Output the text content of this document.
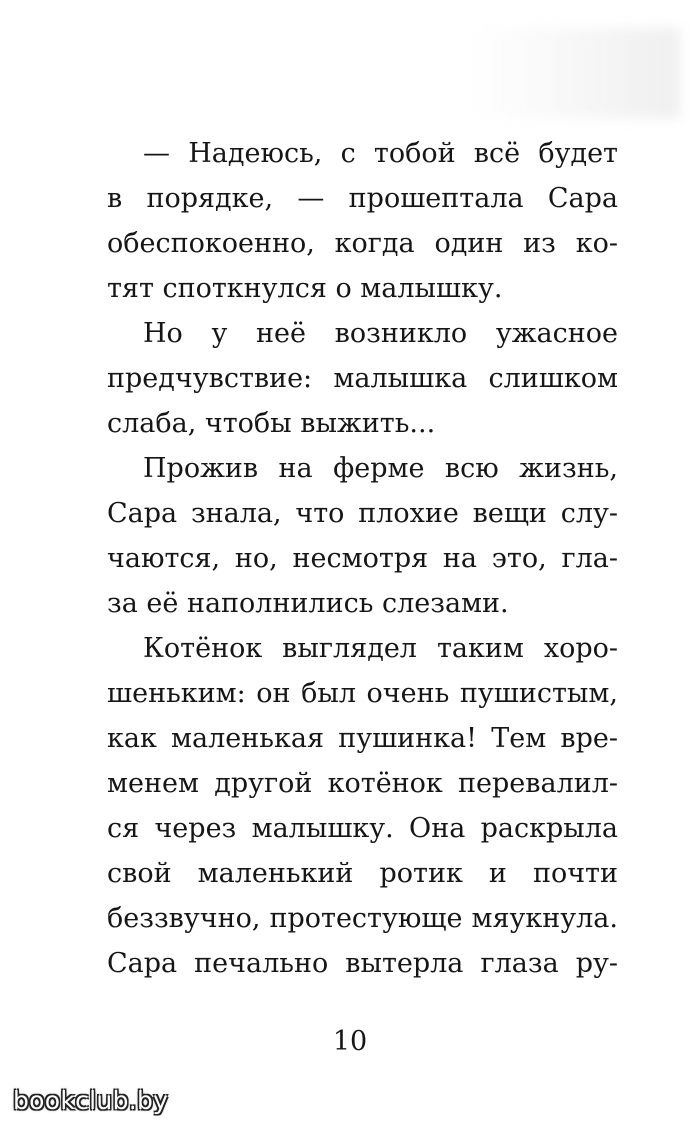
— Надеюсь, с тобой всё будет
в порядке, — прошептала Сара
обеспокоенно, когда один из ко-
тят споткнулся о малышку.
Но у неё возникло ужасное
предчувствие: малышка слишком
слаба, чтобы выжить...
Прожив на ферме всю жизнь,
Сара знала, что плохие вещи слу-
чаются, но, несмотря на это, гла-
за её наполнились слезами.
Котёнок выглядел таким хоро-
шеньким: он был очень пушистым,
как маленькая пушинка! Тем вре-
менем другой котёнок перевалил-
ся через малышку. Она раскрыла
свой маленький ротик и почти
беззвучно, протестующе мяукнула.
Сара печально вытерла глаза ру-
10
bookclub.by
